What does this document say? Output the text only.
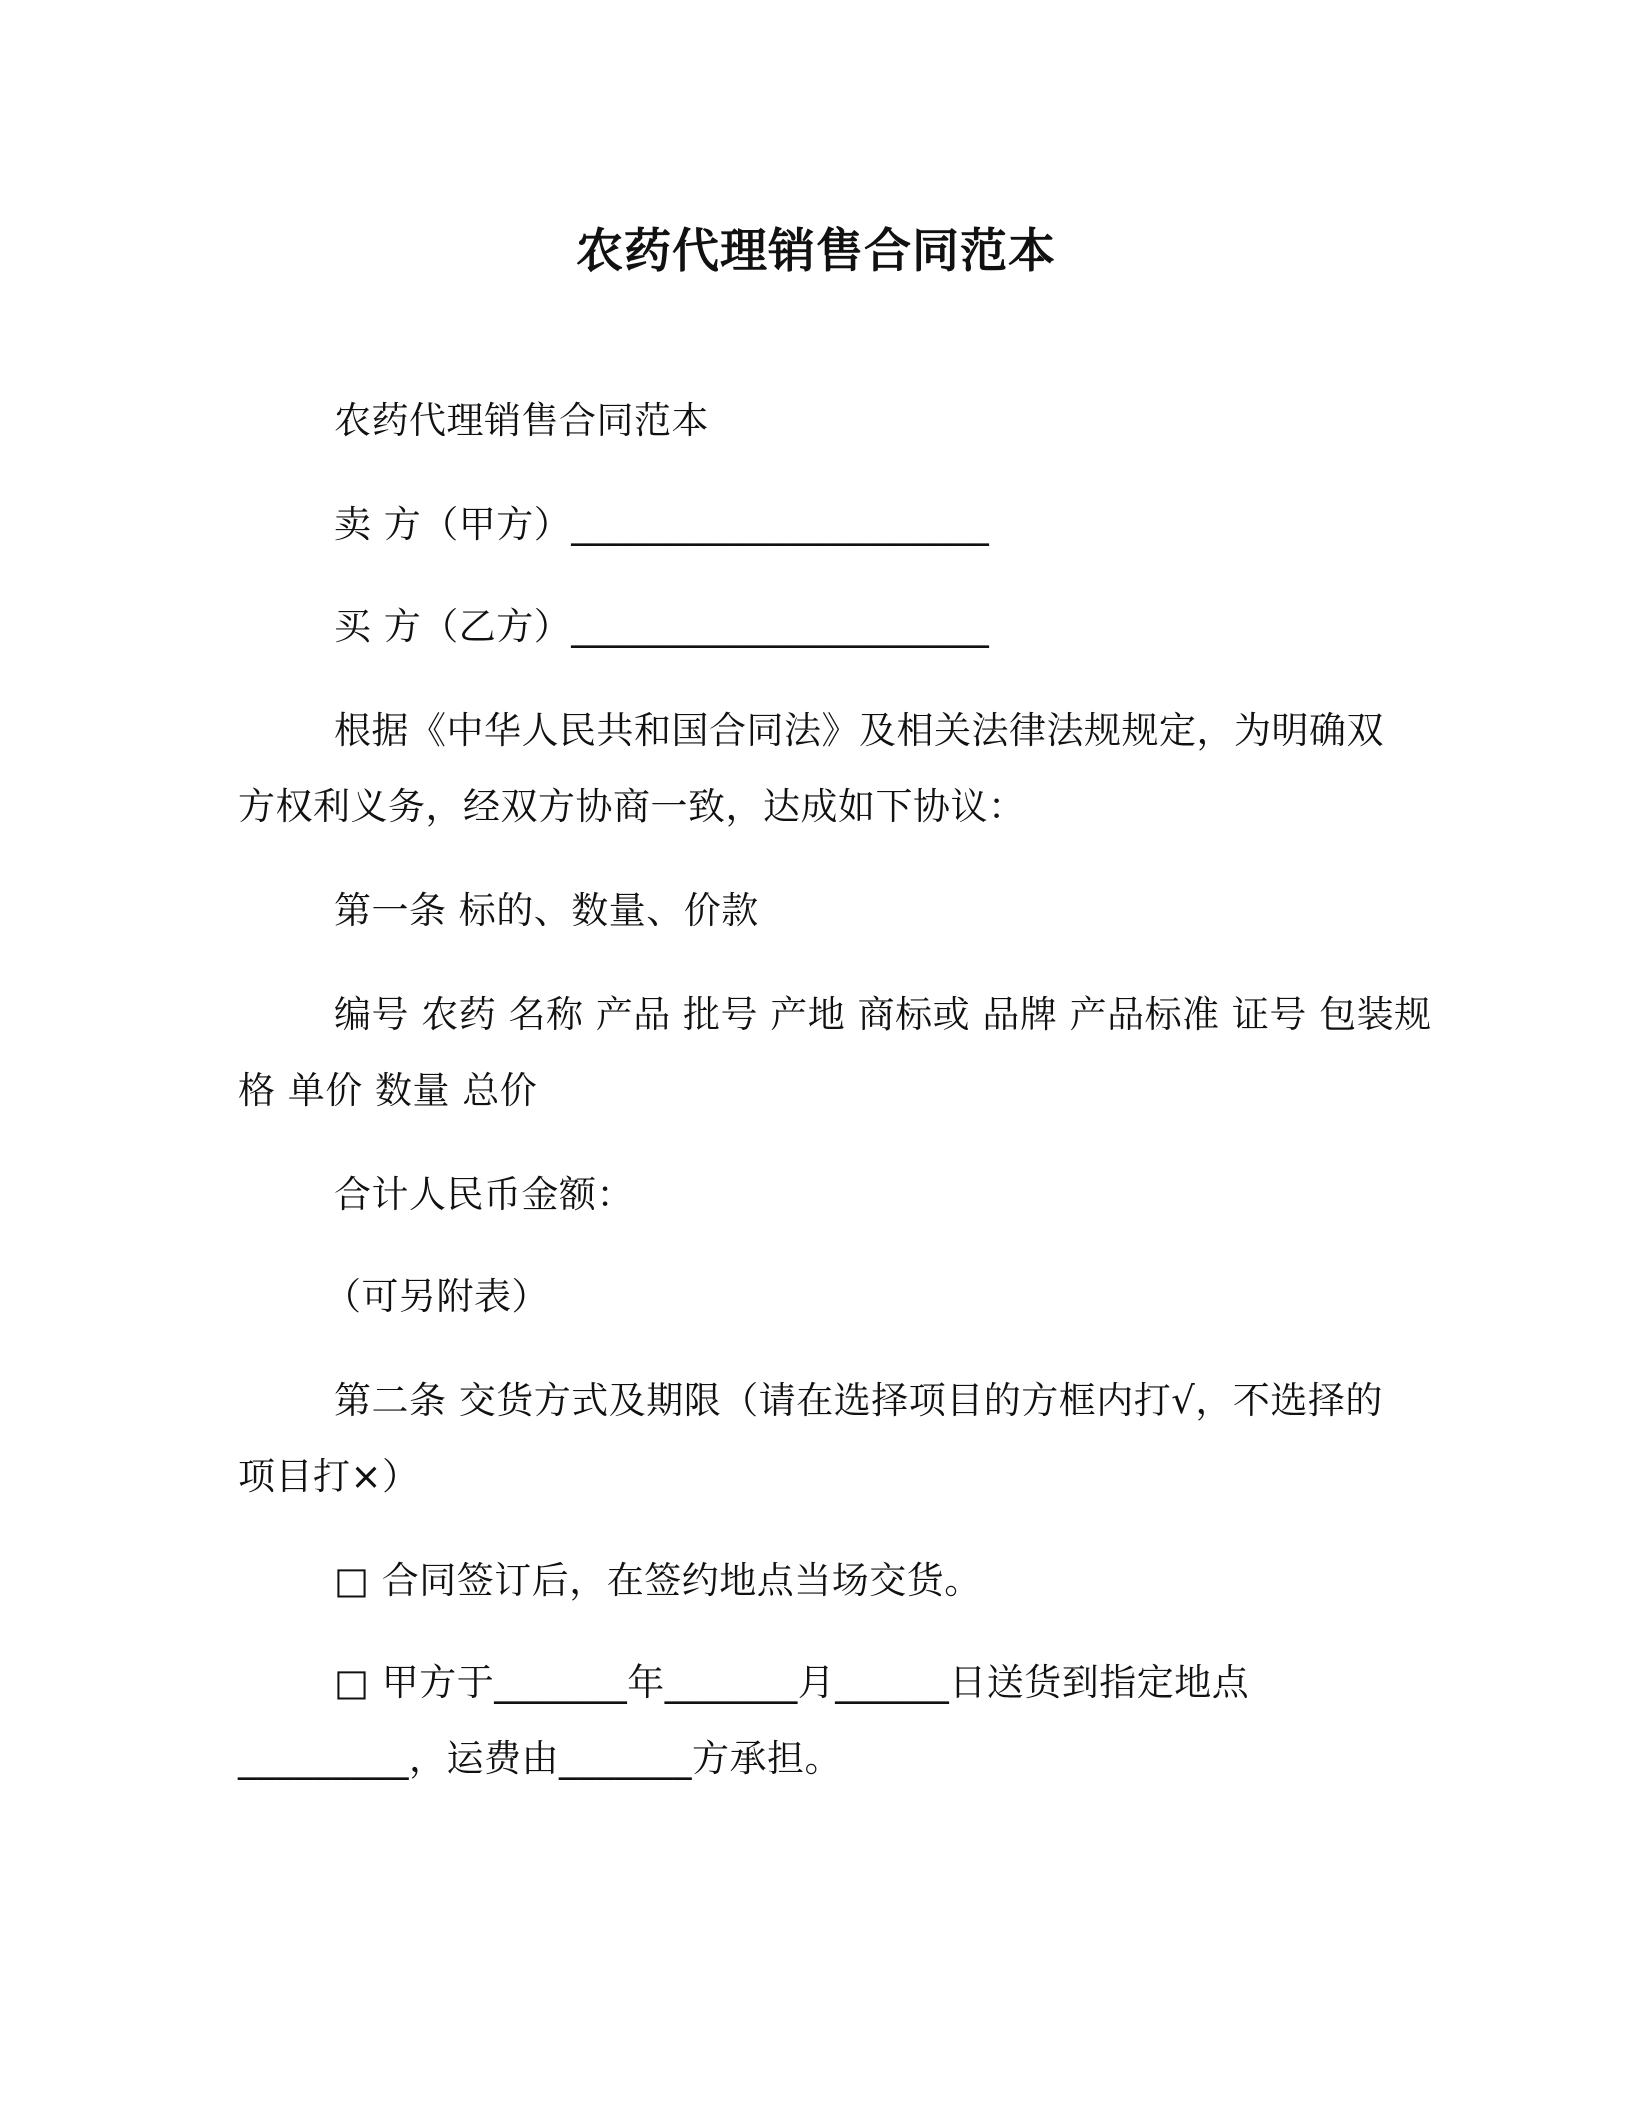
农药代理销售合同范本
农药代理销售合同范本
卖 方（甲方）______________________
买 方（乙方）______________________
根据《中华人民共和国合同法》及相关法律法规规定，为明确双
方权利义务，经双方协商一致，达成如下协议：
第一条 标的、数量、价款
编号 农药 名称 产品 批号 产地 商标或 品牌 产品标准 证号 包装规
格 单价 数量 总价
合计人民币金额：
（可另附表）
第二条 交货方式及期限（请在选择项目的方框内打√，不选择的
项目打×）
□ 合同签订后，在签约地点当场交货。
□ 甲方于_______年_______月______日送货到指定地点
_________，运费由_______方承担。
